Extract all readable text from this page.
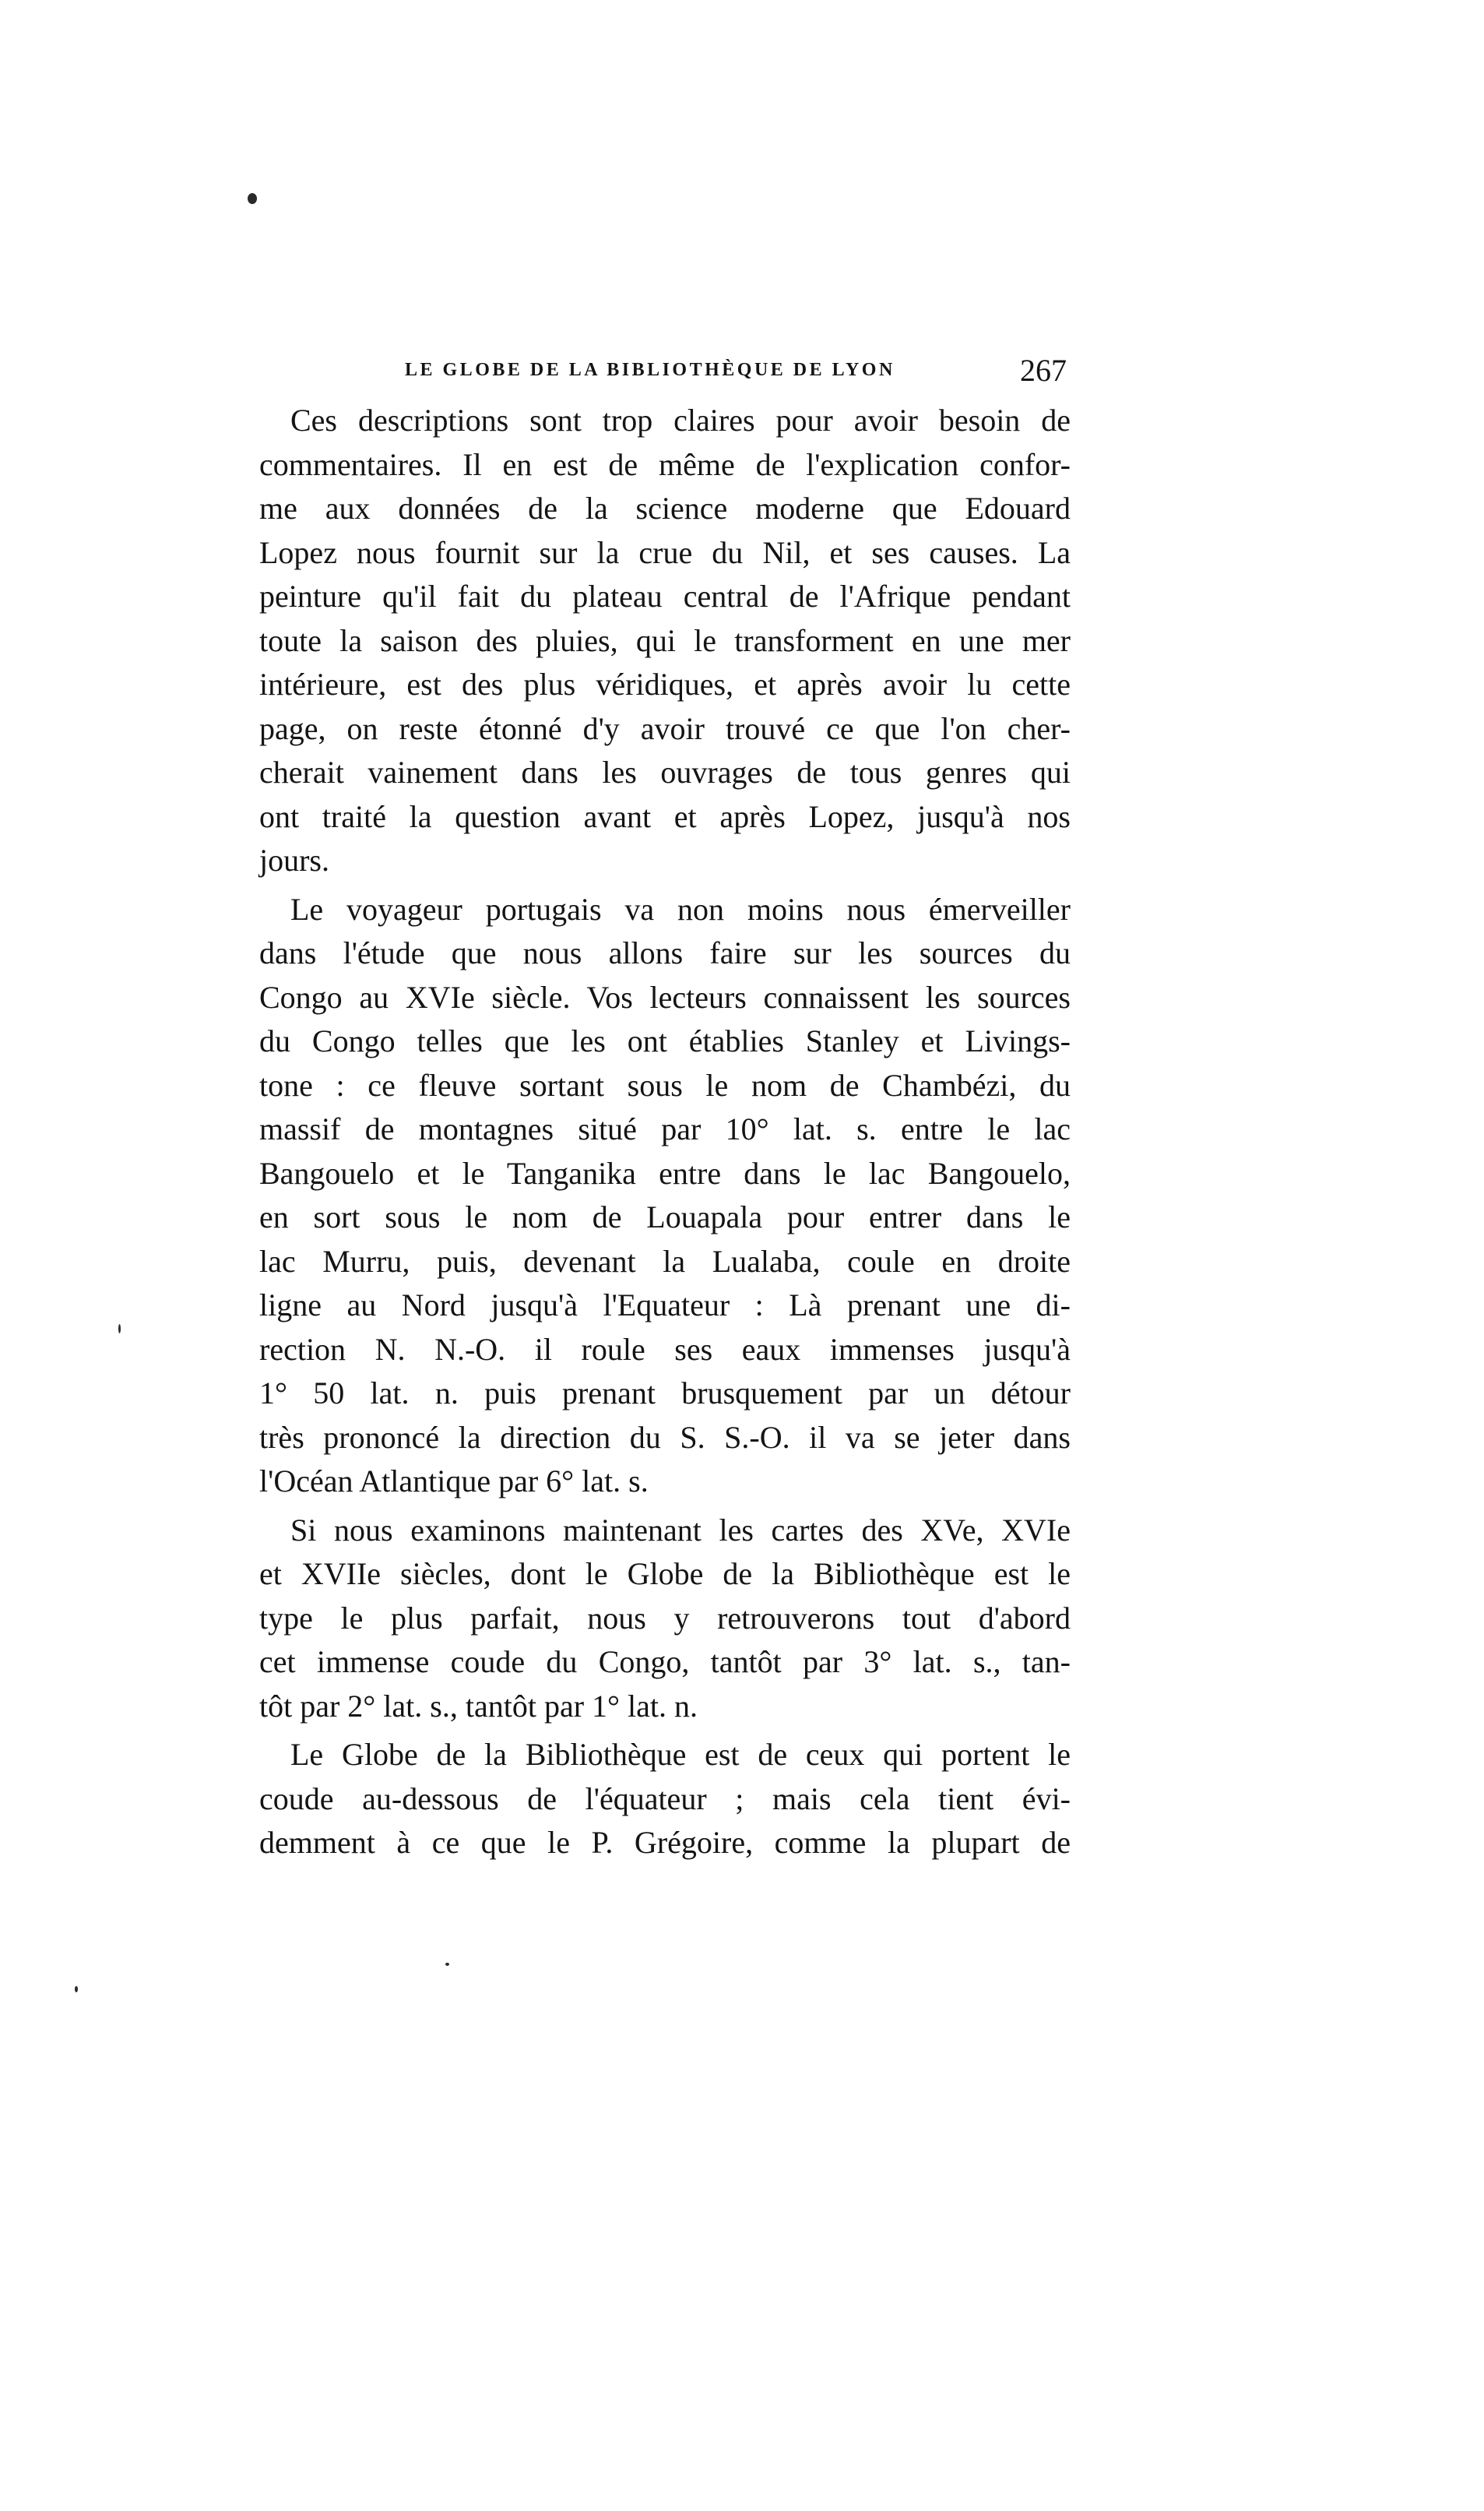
LE GLOBE DE LA BIBLIOTHÈQUE DE LYON	267
Ces descriptions sont trop claires pour avoir besoin de
commentaires. Il en est de même de l'explication confor-
me aux données de la science moderne que Edouard
Lopez nous fournit sur la crue du Nil, et ses causes. La
peinture qu'il fait du plateau central de l'Afrique pendant
toute la saison des pluies, qui le transforment en une mer
intérieure, est des plus véridiques, et après avoir lu cette
page, on reste étonné d'y avoir trouvé ce que l'on cher-
cherait vainement dans les ouvrages de tous genres qui
ont traité la question avant et après Lopez, jusqu'à nos
jours.
Le voyageur portugais va non moins nous émerveiller
dans l'étude que nous allons faire sur les sources du
Congo au XVIe siècle. Vos lecteurs connaissent les sources
du Congo telles que les ont établies Stanley et Livings-
tone : ce fleuve sortant sous le nom de Chambézi, du
massif de montagnes situé par 10° lat. s. entre le lac
Bangouelo et le Tanganika entre dans le lac Bangouelo,
en sort sous le nom de Louapala pour entrer dans le
lac Murru, puis, devenant la Lualaba, coule en droite
ligne au Nord jusqu'à l'Equateur : Là prenant une di-
rection N. N.-O. il roule ses eaux immenses jusqu'à
1° 50 lat. n. puis prenant brusquement par un détour
très prononcé la direction du S. S.-O. il va se jeter dans
l'Océan Atlantique par 6° lat. s.
Si nous examinons maintenant les cartes des XVe, XVIe
et XVIIe siècles, dont le Globe de la Bibliothèque est le
type le plus parfait, nous y retrouverons tout d'abord
cet immense coude du Congo, tantôt par 3° lat. s., tan-
tôt par 2° lat. s., tantôt par 1° lat. n.
Le Globe de la Bibliothèque est de ceux qui portent le
coude au-dessous de l'équateur ; mais cela tient évi-
demment à ce que le P. Grégoire, comme la plupart de
